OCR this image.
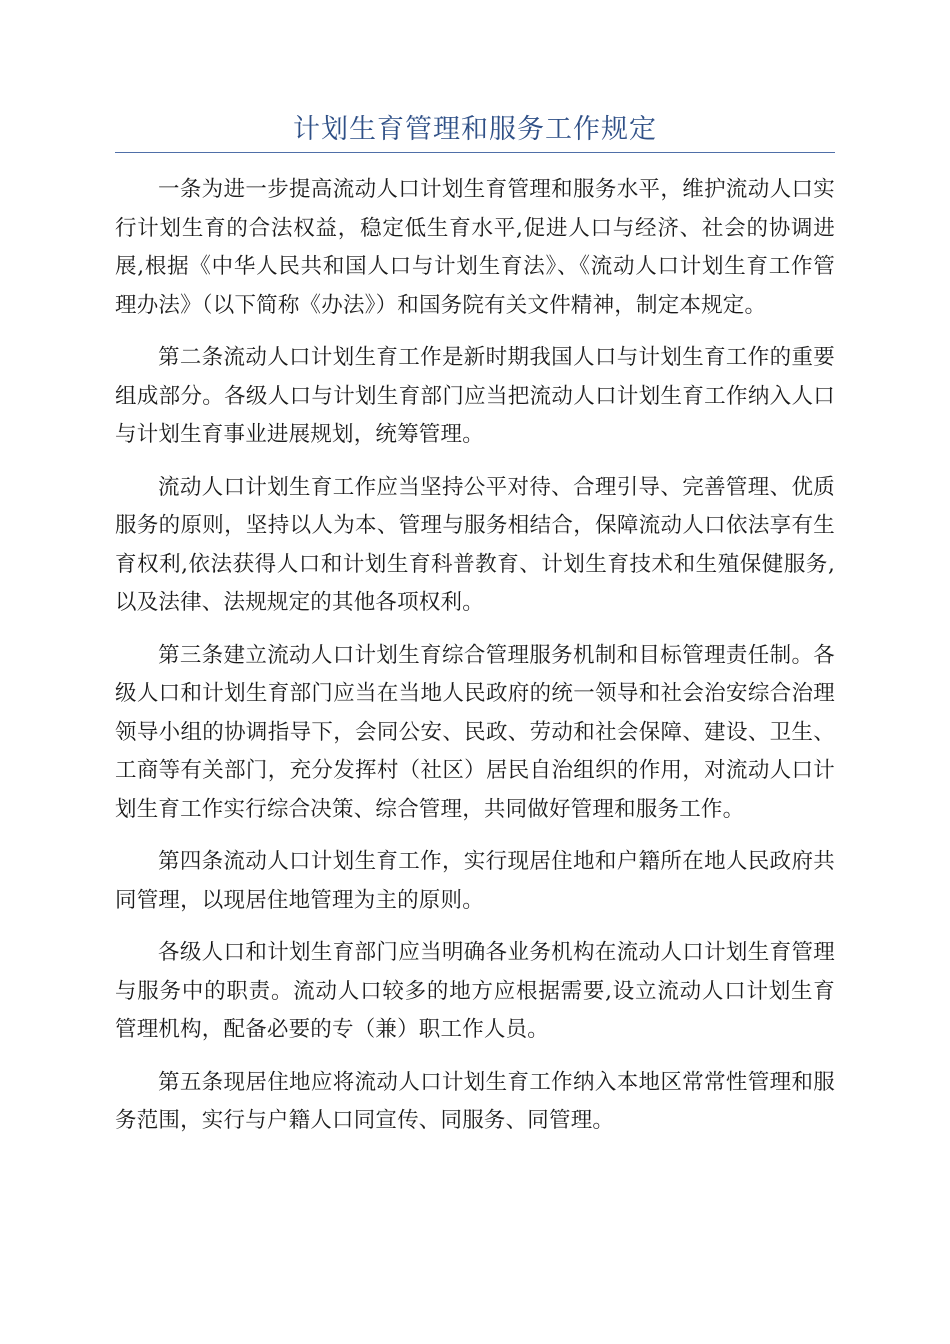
计划生育管理和服务工作规定

一条为进一步提高流动人口计划生育管理和服务水平，维护流动人口实行计划生育的合法权益，稳定低生育水平,促进人口与经济、社会的协调进展,根据《中华人民共和国人口与计划生育法》、《流动人口计划生育工作管理办法》（以下简称《办法》）和国务院有关文件精神，制定本规定。

第二条流动人口计划生育工作是新时期我国人口与计划生育工作的重要组成部分。各级人口与计划生育部门应当把流动人口计划生育工作纳入人口与计划生育事业进展规划，统筹管理。

流动人口计划生育工作应当坚持公平对待、合理引导、完善管理、优质服务的原则，坚持以人为本、管理与服务相结合，保障流动人口依法享有生育权利,依法获得人口和计划生育科普教育、计划生育技术和生殖保健服务,以及法律、法规规定的其他各项权利。

第三条建立流动人口计划生育综合管理服务机制和目标管理责任制。各级人口和计划生育部门应当在当地人民政府的统一领导和社会治安综合治理领导小组的协调指导下，会同公安、民政、劳动和社会保障、建设、卫生、工商等有关部门，充分发挥村（社区）居民自治组织的作用，对流动人口计划生育工作实行综合决策、综合管理，共同做好管理和服务工作。

第四条流动人口计划生育工作，实行现居住地和户籍所在地人民政府共同管理，以现居住地管理为主的原则。

各级人口和计划生育部门应当明确各业务机构在流动人口计划生育管理与服务中的职责。流动人口较多的地方应根据需要,设立流动人口计划生育管理机构，配备必要的专（兼）职工作人员。

第五条现居住地应将流动人口计划生育工作纳入本地区常常性管理和服务范围，实行与户籍人口同宣传、同服务、同管理。
